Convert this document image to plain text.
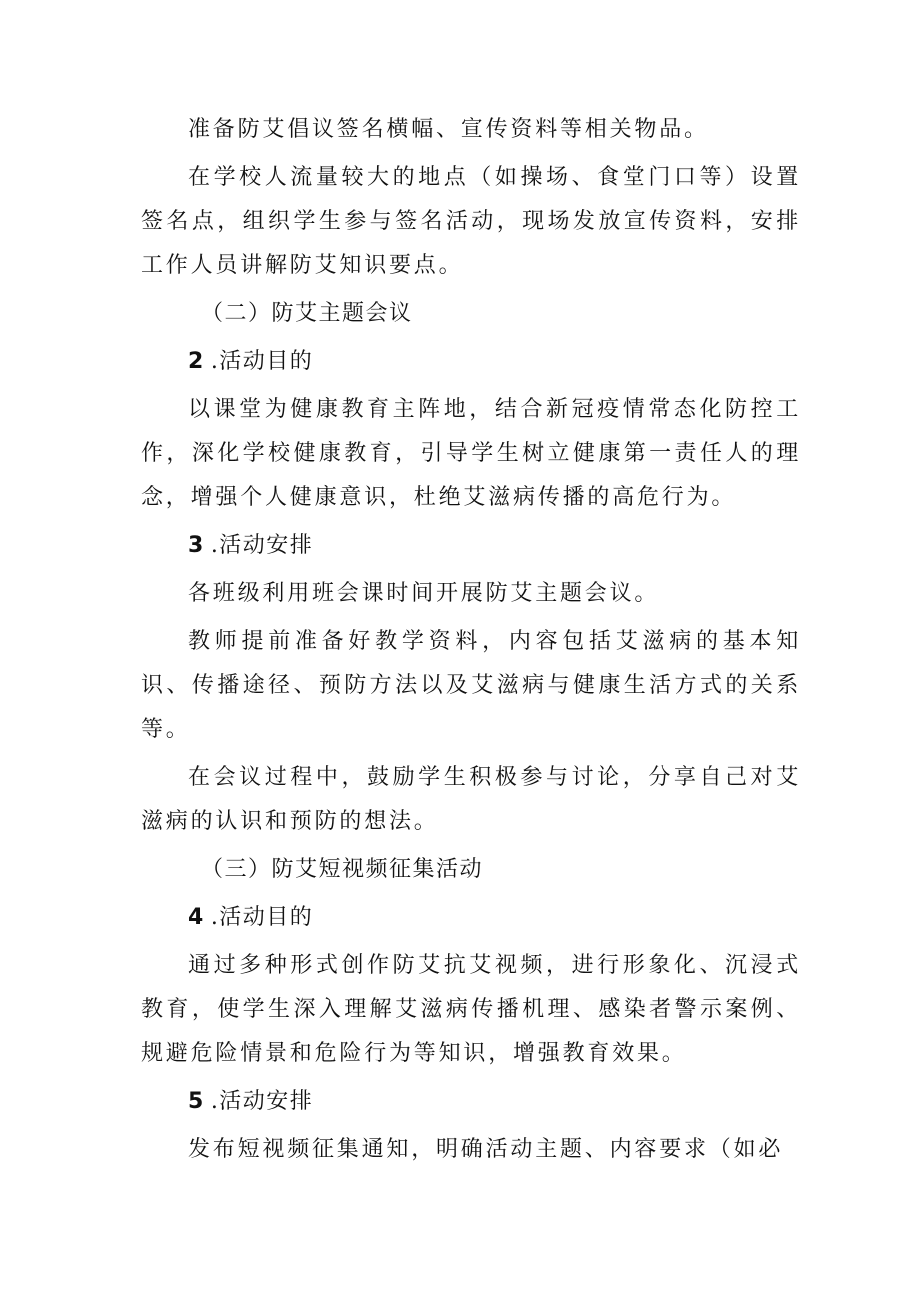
准备防艾倡议签名横幅、宣传资料等相关物品。

在学校人流量较大的地点（如操场、食堂门口等）设置签名点，组织学生参与签名活动，现场发放宣传资料，安排工作人员讲解防艾知识要点。

（二）防艾主题会议

2 .活动目的

以课堂为健康教育主阵地，结合新冠疫情常态化防控工作，深化学校健康教育，引导学生树立健康第一责任人的理念，增强个人健康意识，杜绝艾滋病传播的高危行为。

3 .活动安排

各班级利用班会课时间开展防艾主题会议。

教师提前准备好教学资料，内容包括艾滋病的基本知识、传播途径、预防方法以及艾滋病与健康生活方式的关系等。

在会议过程中，鼓励学生积极参与讨论，分享自己对艾滋病的认识和预防的想法。

（三）防艾短视频征集活动

4 .活动目的

通过多种形式创作防艾抗艾视频，进行形象化、沉浸式教育，使学生深入理解艾滋病传播机理、感染者警示案例、规避危险情景和危险行为等知识，增强教育效果。

5 .活动安排

发布短视频征集通知，明确活动主题、内容要求（如必
